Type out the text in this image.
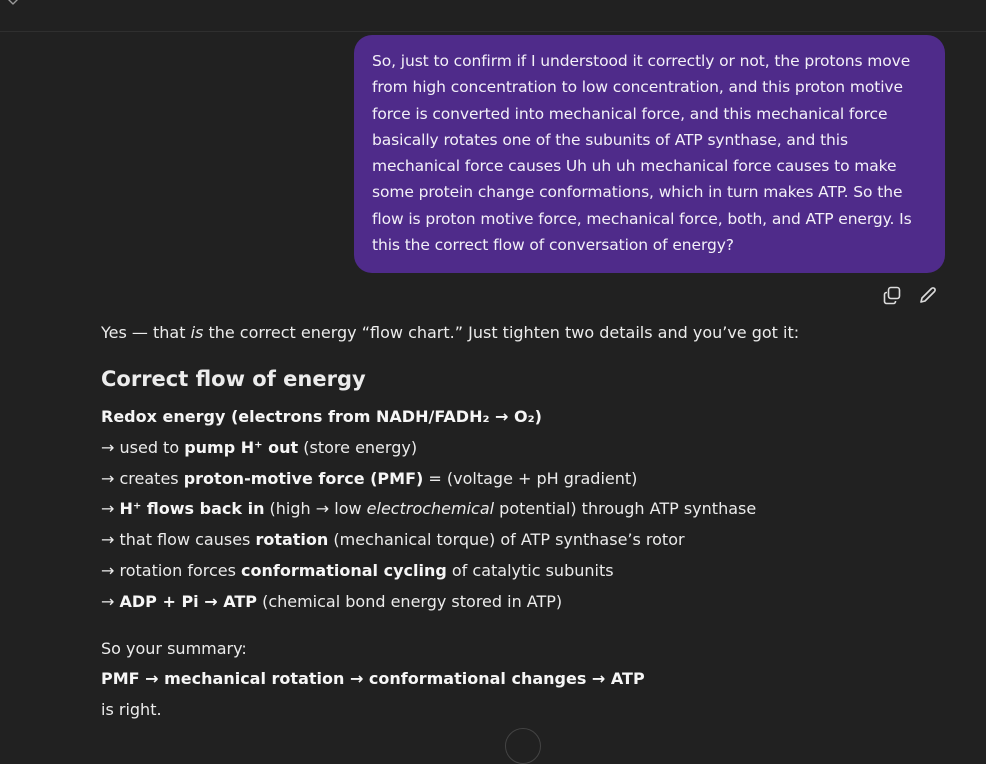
So, just to confirm if I understood it correctly or not, the protons move from high concentration to low concentration, and this proton motive force is converted into mechanical force, and this mechanical force basically rotates one of the subunits of ATP synthase, and this mechanical force causes Uh uh uh mechanical force causes to make some protein change conformations, which in turn makes ATP. So the flow is proton motive force, mechanical force, both, and ATP energy. Is this the correct flow of conversation of energy?

Yes — that is the correct energy “flow chart.” Just tighten two details and you’ve got it:

Correct flow of energy

Redox energy (electrons from NADH/FADH₂ → O₂)
→ used to pump H⁺ out (store energy)
→ creates proton-motive force (PMF) = (voltage + pH gradient)
→ H⁺ flows back in (high → low electrochemical potential) through ATP synthase
→ that flow causes rotation (mechanical torque) of ATP synthase’s rotor
→ rotation forces conformational cycling of catalytic subunits
→ ADP + Pi → ATP (chemical bond energy stored in ATP)
So your summary:
PMF → mechanical rotation → conformational changes → ATP
is right.
